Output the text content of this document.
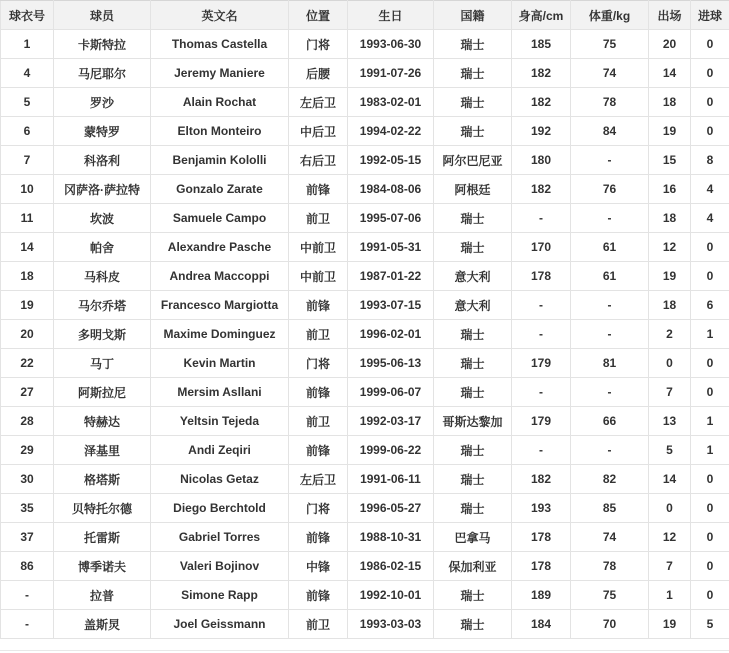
球衣号	球员	英文名	位置	生日	国籍	身高/cm	体重/kg	出场	进球
1	卡斯特拉	Thomas Castella	门将	1993-06-30	瑞士	185	75	20	0
4	马尼耶尔	Jeremy Maniere	后腰	1991-07-26	瑞士	182	74	14	0
5	罗沙	Alain Rochat	左后卫	1983-02-01	瑞士	182	78	18	0
6	蒙特罗	Elton Monteiro	中后卫	1994-02-22	瑞士	192	84	19	0
7	科洛利	Benjamin Kololli	右后卫	1992-05-15	阿尔巴尼亚	180	-	15	8
10	冈萨洛·萨拉特	Gonzalo Zarate	前锋	1984-08-06	阿根廷	182	76	16	4
11	坎波	Samuele Campo	前卫	1995-07-06	瑞士	-	-	18	4
14	帕舍	Alexandre Pasche	中前卫	1991-05-31	瑞士	170	61	12	0
18	马科皮	Andrea Maccoppi	中前卫	1987-01-22	意大利	178	61	19	0
19	马尔乔塔	Francesco Margiotta	前锋	1993-07-15	意大利	-	-	18	6
20	多明戈斯	Maxime Dominguez	前卫	1996-02-01	瑞士	-	-	2	1
22	马丁	Kevin Martin	门将	1995-06-13	瑞士	179	81	0	0
27	阿斯拉尼	Mersim Asllani	前锋	1999-06-07	瑞士	-	-	7	0
28	特赫达	Yeltsin Tejeda	前卫	1992-03-17	哥斯达黎加	179	66	13	1
29	泽基里	Andi Zeqiri	前锋	1999-06-22	瑞士	-	-	5	1
30	格塔斯	Nicolas Getaz	左后卫	1991-06-11	瑞士	182	82	14	0
35	贝特托尔德	Diego Berchtold	门将	1996-05-27	瑞士	193	85	0	0
37	托雷斯	Gabriel Torres	前锋	1988-10-31	巴拿马	178	74	12	0
86	博季诺夫	Valeri Bojinov	中锋	1986-02-15	保加利亚	178	78	7	0
-	拉普	Simone Rapp	前锋	1992-10-01	瑞士	189	75	1	0
-	盖斯炅	Joel Geissmann	前卫	1993-03-03	瑞士	184	70	19	5
